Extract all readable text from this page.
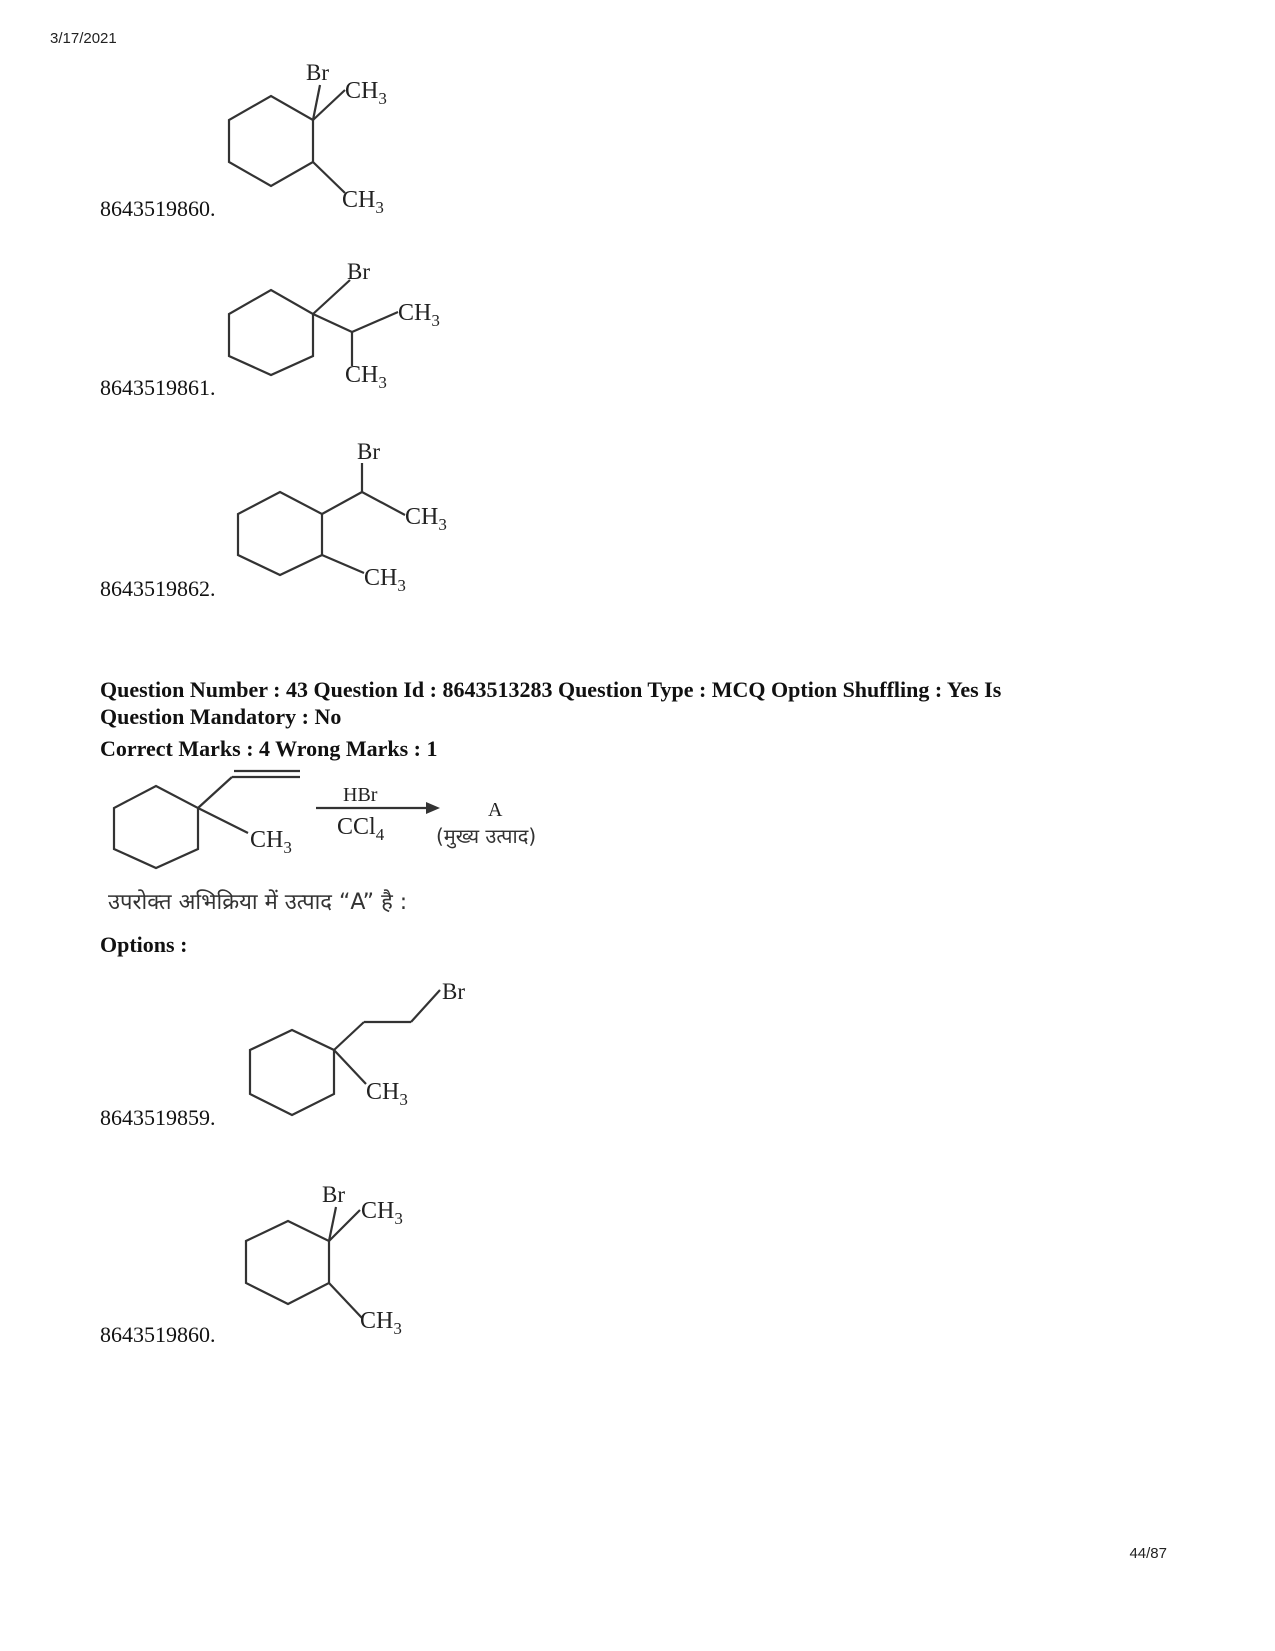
3/17/2021
Br
$CH_3$
$CH_3$
8643519860.
Br
$CH_3$
$CH_3$
8643519861.
Br
$CH_3$
$CH_3$
8643519862.
Question Number : 43 Question Id : 8643513283 Question Type : MCQ Option Shuffling : Yes Is
Question Mandatory : No
Correct Marks : 4 Wrong Marks : 1
$CH_3$
HBr
CCl$_4$
A
(मुख्य उत्पाद)
उपरोक्त अभिक्रिया में उत्पाद “A” है :
Options :
Br
$CH_3$
8643519859.
Br
$CH_3$
$CH_3$
8643519860.
44/87
